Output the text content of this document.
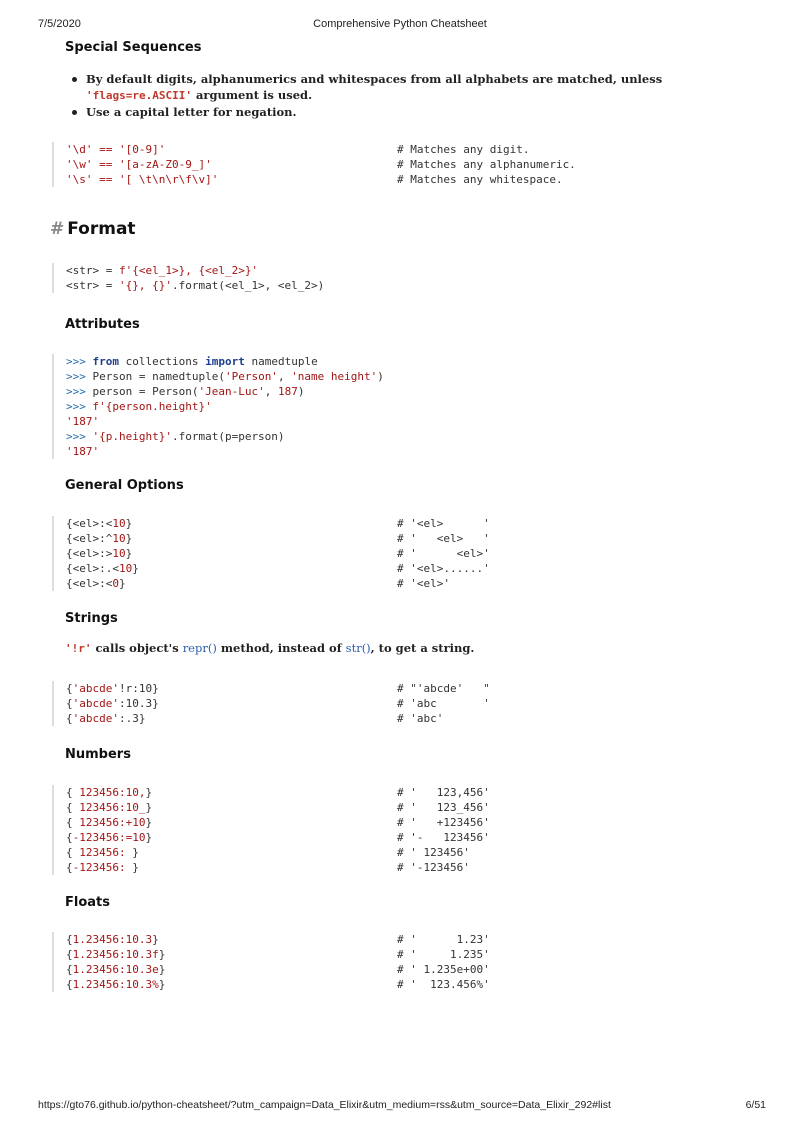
Comprehensive Python Cheatsheet
7/5/2020
Special Sequences
By default digits, alphanumerics and whitespaces from all alphabets are matched, unless
'flags=re.ASCII' argument is used.
Use a capital letter for negation.
'\d' == '[0-9]'	# Matches any digit.
'\w' == '[a-zA-Z0-9_]'	# Matches any alphanumeric.
'\s' == '[ \t\n\r\f\v]'	# Matches any whitespace.
# Format
<str> = f'{<el_1>}, {<el_2>}'
<str> = '{}, {}'.format(<el_1>, <el_2>)
Attributes
>>> from collections import namedtuple
>>> Person = namedtuple('Person', 'name height')
>>> person = Person('Jean-Luc', 187)
>>> f'{person.height}'
'187'
>>> '{p.height}'.format(p=person)
'187'
General Options
{<el>:<10}	# '<el>      '
{<el>:^10}	# '   <el>   '
{<el>:>10}	# '      <el>'
{<el>:.<10}	# '<el>......'
{<el>:<0}	# '<el>'
Strings
'!r' calls object's repr() method, instead of str(), to get a string.
{'abcde'!r:10}	# "'abcde'   "
{'abcde':10.3}	# 'abc       '
{'abcde':.3}	# 'abc'
Numbers
{ 123456:10,}	# '   123,456'
{ 123456:10_}	# '   123_456'
{ 123456:+10}	# '   +123456'
{-123456:=10}	# '-   123456'
{ 123456: }	# ' 123456'
{-123456: }	# '-123456'
Floats
{1.23456:10.3}	# '      1.23'
{1.23456:10.3f}	# '     1.235'
{1.23456:10.3e}	# ' 1.235e+00'
{1.23456:10.3%}	# '  123.456%'
https://gto76.github.io/python-cheatsheet/?utm_campaign=Data_Elixir&utm_medium=rss&utm_source=Data_Elixir_292#list	6/51
